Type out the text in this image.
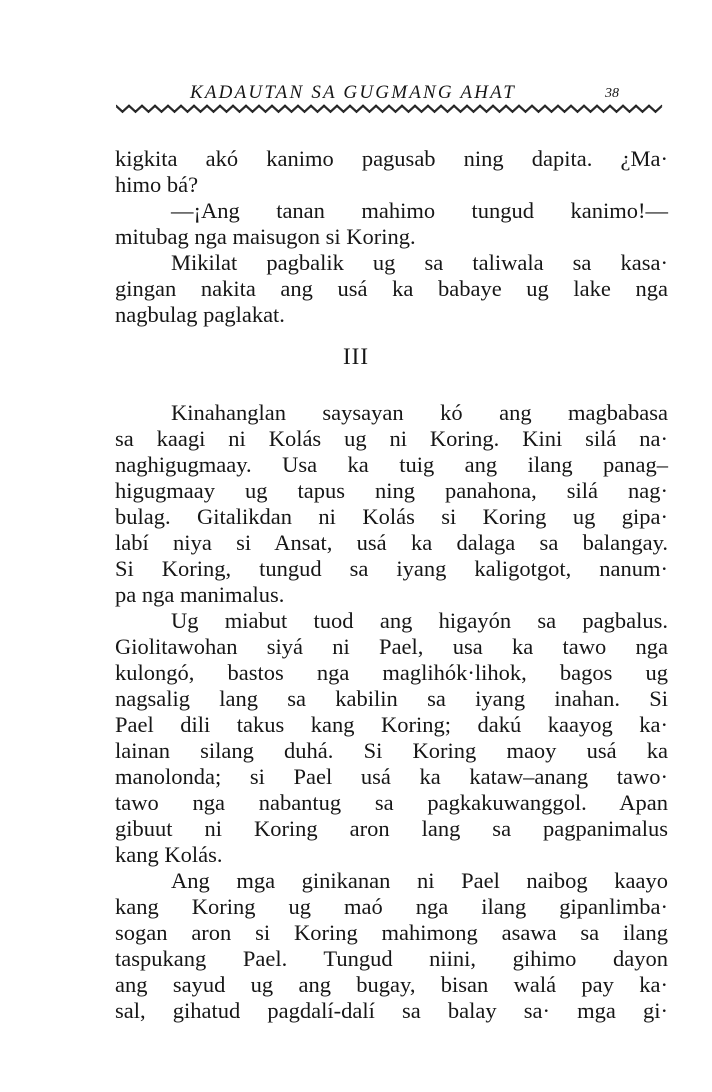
KADAUTAN SA GUGMANG AHAT	38
III
kigkita akó kanimo pagusab ning dapita. ¿Ma·
himo bá?
—¡Ang tanan mahimo tungud kanimo!—
mitubag nga maisugon si Koring.
Mikilat pagbalik ug sa taliwala sa kasa·
gingan nakita ang usá ka babaye ug lake nga
nagbulag paglakat.
Kinahanglan saysayan kó ang magbabasa
sa kaagi ni Kolás ug ni Koring. Kini silá na·
naghigugmaay. Usa ka tuig ang ilang panag–
higugmaay ug tapus ning panahona, silá nag·
bulag. Gitalikdan ni Kolás si Koring ug gipa·
labí niya si Ansat, usá ka dalaga sa balangay.
Si Koring, tungud sa iyang kaligotgot, nanum·
pa nga manimalus.
Ug miabut tuod ang higayón sa pagbalus.
Giolitawohan siyá ni Pael, usa ka tawo nga
kulongó, bastos nga maglihók·lihok, bagos ug
nagsalig lang sa kabilin sa iyang inahan. Si
Pael dili takus kang Koring; dakú kaayog ka·
lainan silang duhá. Si Koring maoy usá ka
manolonda; si Pael usá ka kataw–anang tawo·
tawo nga nabantug sa pagkakuwanggol. Apan
gibuut ni Koring aron lang sa pagpanimalus
kang Kolás.
Ang mga ginikanan ni Pael naibog kaayo
kang Koring ug maó nga ilang gipanlimba·
sogan aron si Koring mahimong asawa sa ilang
taspukang Pael. Tungud niini, gihimo dayon
ang sayud ug ang bugay, bisan walá pay ka·
sal, gihatud pagdalí-dalí sa balay sa· mga gi·
